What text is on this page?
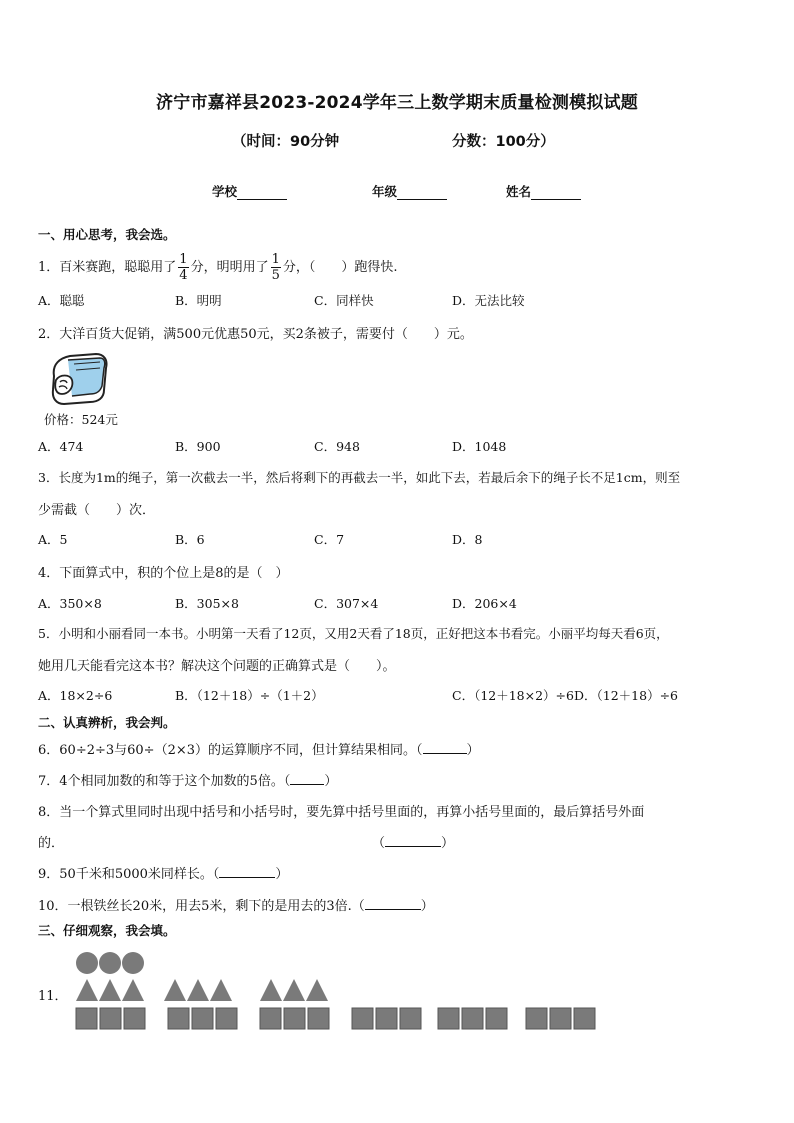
济宁市嘉祥县2023-2024学年三上数学期末质量检测模拟试题
（时间：90分钟	分数：100分）
学校	年级	姓名
一、用心思考，我会选。
1．百米赛跑，聪聪用了 $\frac{1}{4}$ 分，明明用了 $\frac{1}{5}$ 分，（　　）跑得快.
A．聪聪	B．明明	C．同样快	D．无法比较
2．大洋百货大促销，满500元优惠50元，买2条被子，需要付（　　）元。
价格：524元
A．474	B．900	C．948	D．1048
3．长度为1m的绳子，第一次截去一半，然后将剩下的再截去一半，如此下去，若最后余下的绳子长不足1cm，则至
少需截（　　）次．
A．5	B．6	C．7	D．8
4．下面算式中，积的个位上是8的是（　）
A．350×8	B．305×8	C．307×4	D．206×4
5．小明和小丽看同一本书。小明第一天看了12页，又用2天看了18页，正好把这本书看完。小丽平均每天看6页，
她用几天能看完这本书？解决这个问题的正确算式是（　　）。
A．18×2÷6	B．（12＋18）÷（1＋2）	C．（12＋18×2）÷6D．（12＋18）÷6
二、认真辨析，我会判。
6．60÷2÷3与60÷（2×3）的运算顺序不同，但计算结果相同。（	）
7．4个相同加数的和等于这个加数的5倍。（	）
8．当一个算式里同时出现中括号和小括号时，要先算中括号里面的，再算小括号里面的，最后算括号外面
的．	（	）
9．50千米和5000米同样长。（	）
10．一根铁丝长20米，用去5米，剩下的是用去的3倍.（	）
三、仔细观察，我会填。
11．
